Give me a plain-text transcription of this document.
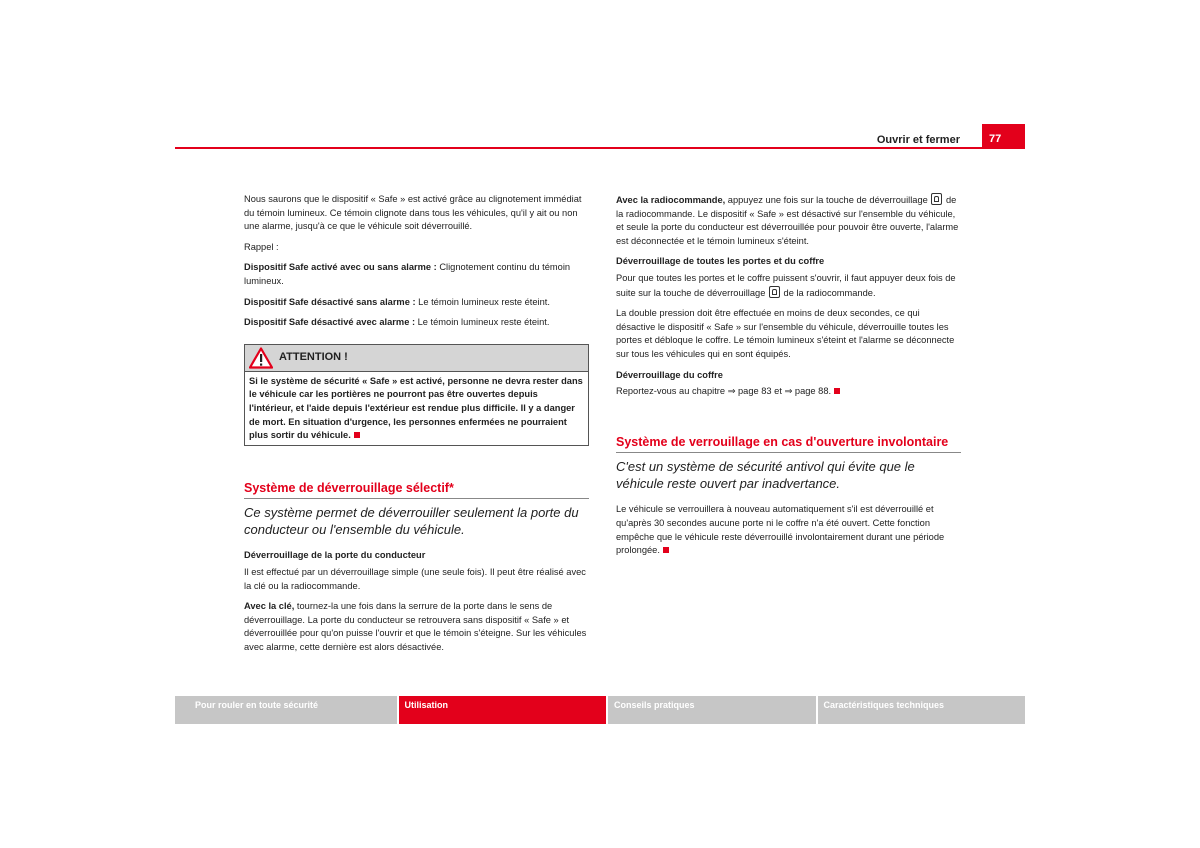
Ouvrir et fermer	77

Nous saurons que le dispositif « Safe » est activé grâce au clignotement immédiat du témoin lumineux. Ce témoin clignote dans tous les véhicules, qu'il y ait ou non une alarme, jusqu'à ce que le véhicule soit déverrouillé.

Rappel :

Dispositif Safe activé avec ou sans alarme : Clignotement continu du témoin lumineux.

Dispositif Safe désactivé sans alarme : Le témoin lumineux reste éteint.

Dispositif Safe désactivé avec alarme : Le témoin lumineux reste éteint.

ATTENTION !
Si le système de sécurité « Safe » est activé, personne ne devra rester dans le véhicule car les portières ne pourront pas être ouvertes depuis l'intérieur, et l'aide depuis l'extérieur est rendue plus difficile. Il y a danger de mort. En situation d'urgence, les personnes enfermées ne pourraient plus sortir du véhicule.
Système de déverrouillage sélectif*
Ce système permet de déverrouiller seulement la porte du conducteur ou l'ensemble du véhicule.

Déverrouillage de la porte du conducteur

Il est effectué par un déverrouillage simple (une seule fois). Il peut être réalisé avec la clé ou la radiocommande.

Avec la clé, tournez-la une fois dans la serrure de la porte dans le sens de déverrouillage. La porte du conducteur se retrouvera sans dispositif « Safe » et déverrouillée pour qu'on puisse l'ouvrir et que le témoin s'éteigne. Sur les véhicules avec alarme, cette dernière est alors désactivée.

Avec la radiocommande, appuyez une fois sur la touche de déverrouillage  de la radiocommande. Le dispositif « Safe » est désactivé sur l'ensemble du véhicule, et seule la porte du conducteur est déverrouillée pour pouvoir être ouverte, l'alarme est déconnectée et le témoin lumineux s'éteint.

Déverrouillage de toutes les portes et du coffre

Pour que toutes les portes et le coffre puissent s'ouvrir, il faut appuyer deux fois de suite sur la touche de déverrouillage  de la radiocommande.

La double pression doit être effectuée en moins de deux secondes, ce qui désactive le dispositif « Safe » sur l'ensemble du véhicule, déverrouille toutes les portes et débloque le coffre. Le témoin lumineux s'éteint et l'alarme se déconnecte sur tous les véhicules qui en sont équipés.

Déverrouillage du coffre

Reportez-vous au chapitre ⇒ page 83 et ⇒ page 88.

Système de verrouillage en cas d'ouverture involontaire
C'est un système de sécurité antivol qui évite que le véhicule reste ouvert par inadvertance.

Le véhicule se verrouillera à nouveau automatiquement s'il est déverrouillé et qu'après 30 secondes aucune porte ni le coffre n'a été ouvert. Cette fonction empêche que le véhicule reste déverrouillé involontairement durant une période prolongée.

Pour rouler en toute sécurité	Utilisation	Conseils pratiques	Caractéristiques techniques
